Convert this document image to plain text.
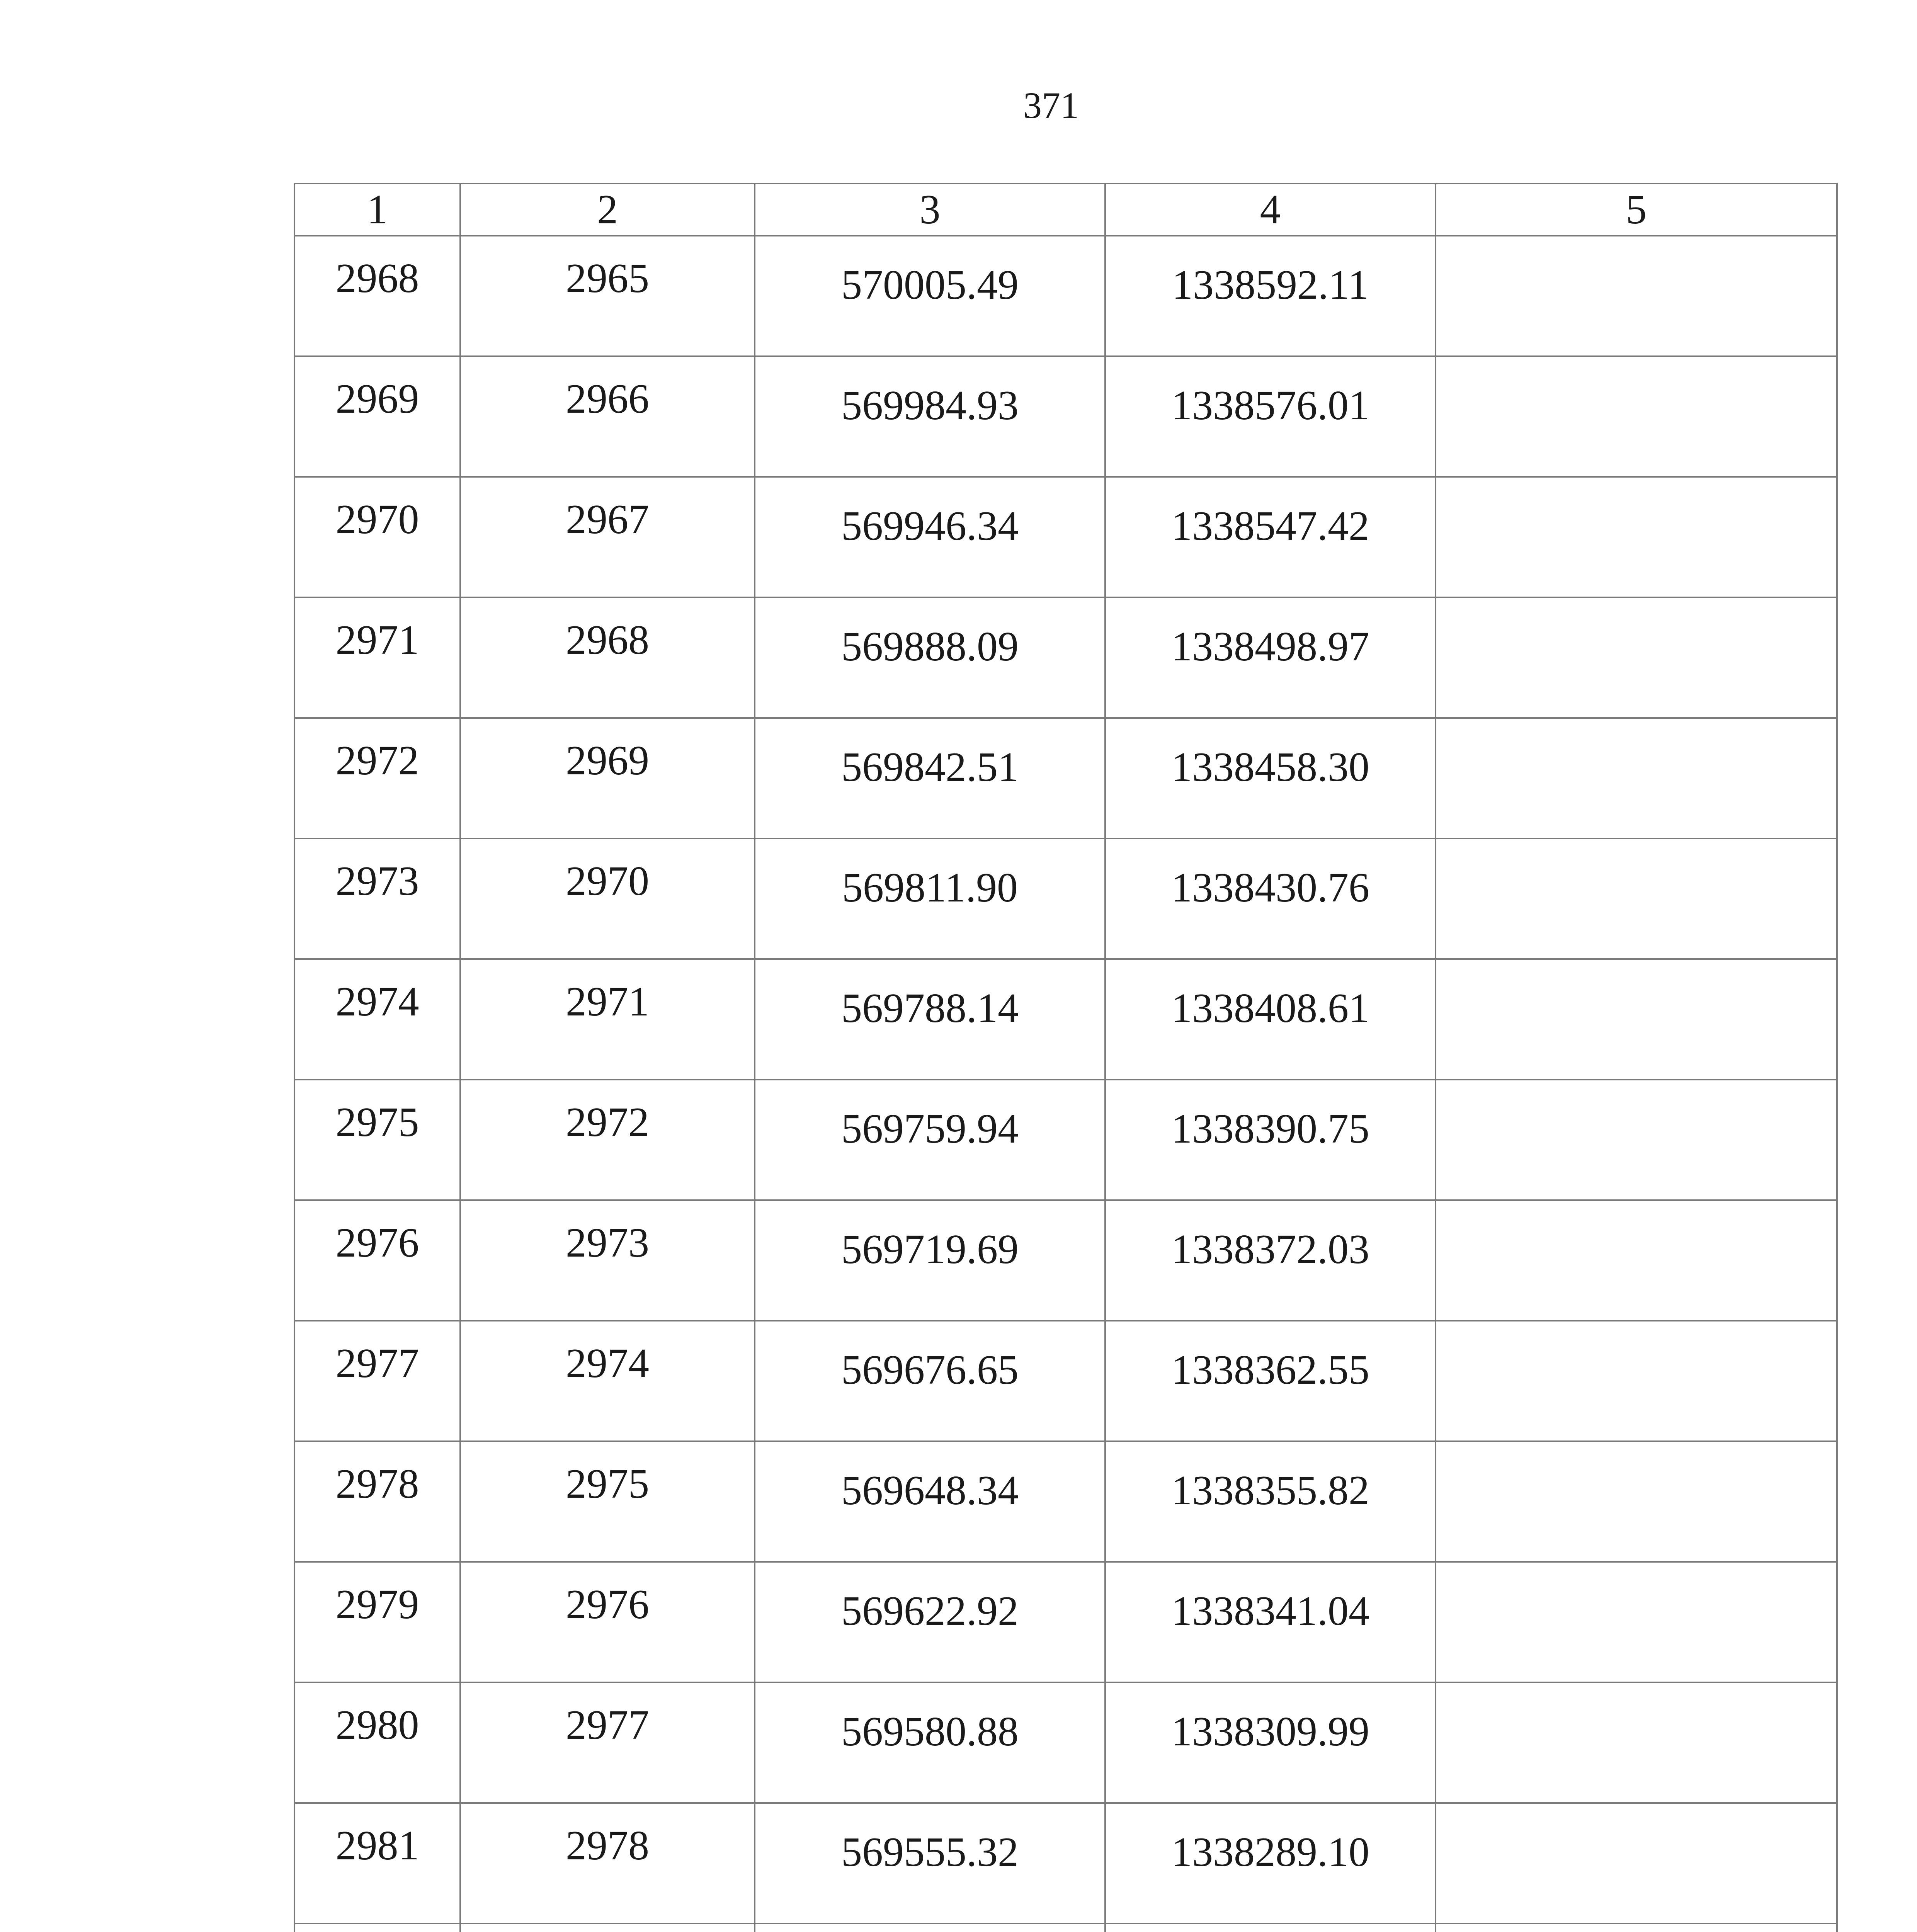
371
1	2	3	4	5
2968	2965	570005.49	1338592.11	
2969	2966	569984.93	1338576.01	
2970	2967	569946.34	1338547.42	
2971	2968	569888.09	1338498.97	
2972	2969	569842.51	1338458.30	
2973	2970	569811.90	1338430.76	
2974	2971	569788.14	1338408.61	
2975	2972	569759.94	1338390.75	
2976	2973	569719.69	1338372.03	
2977	2974	569676.65	1338362.55	
2978	2975	569648.34	1338355.82	
2979	2976	569622.92	1338341.04	
2980	2977	569580.88	1338309.99	
2981	2978	569555.32	1338289.10	
